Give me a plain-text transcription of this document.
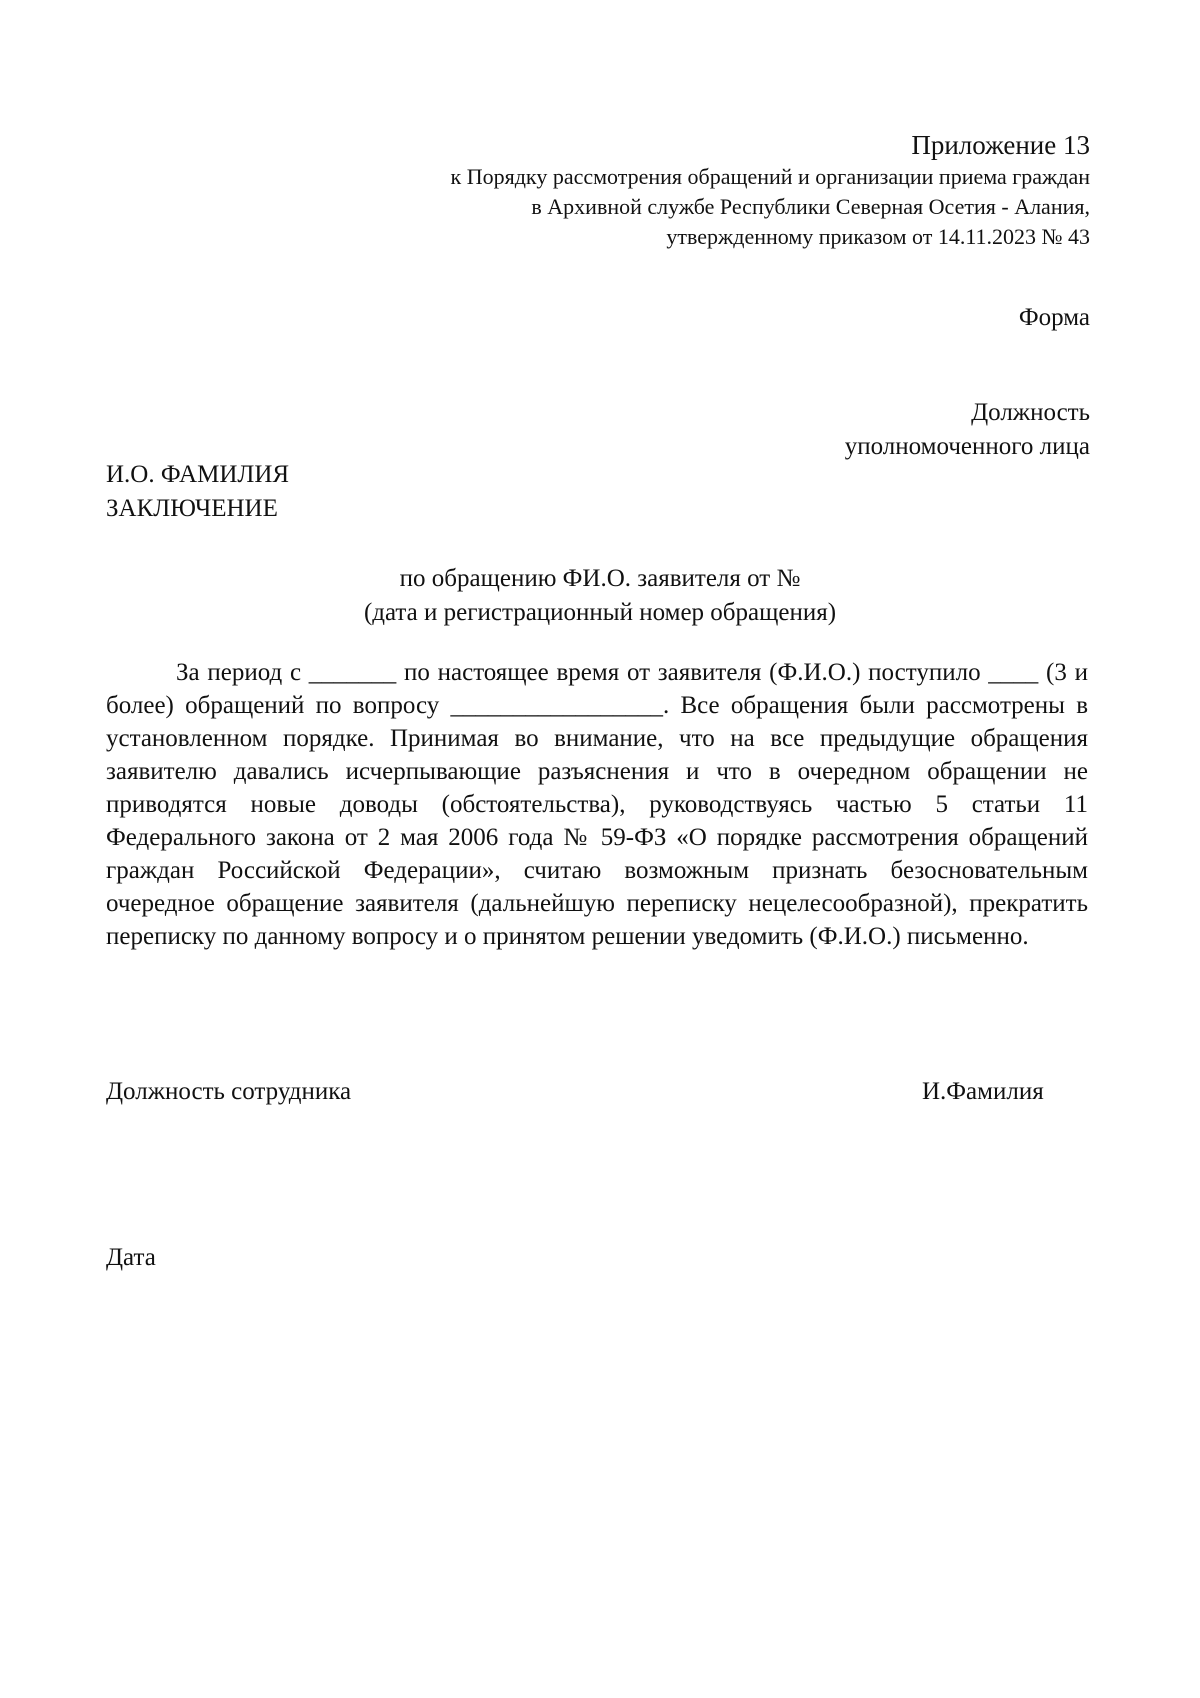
Приложение 13
к Порядку рассмотрения обращений и организации приема граждан
в Архивной службе Республики Северная Осетия - Алания,
утвержденному приказом от 14.11.2023 № 43
Форма
Должность
уполномоченного лица
И.О. ФАМИЛИЯ
ЗАКЛЮЧЕНИЕ
по обращению ФИ.О. заявителя от №
(дата и регистрационный номер обращения)

За период с _______ по настоящее время от заявителя (Ф.И.О.) поступило ____ (3 и более) обращений по вопросу _________________. Все обращения были рассмотрены в установленном порядке. Принимая во внимание, что на все предыдущие обращения заявителю давались исчерпывающие разъяснения и что в очередном обращении не приводятся новые доводы (обстоятельства), руководствуясь частью 5 статьи 11 Федерального закона от 2 мая 2006 года № 59-ФЗ «О порядке рассмотрения обращений граждан Российской Федерации», считаю возможным признать безосновательным очередное обращение заявителя (дальнейшую переписку нецелесообразной), прекратить переписку по данному вопросу и о принятом решении уведомить (Ф.И.О.) письменно.

Должность сотрудника	И.Фамилия
Дата
